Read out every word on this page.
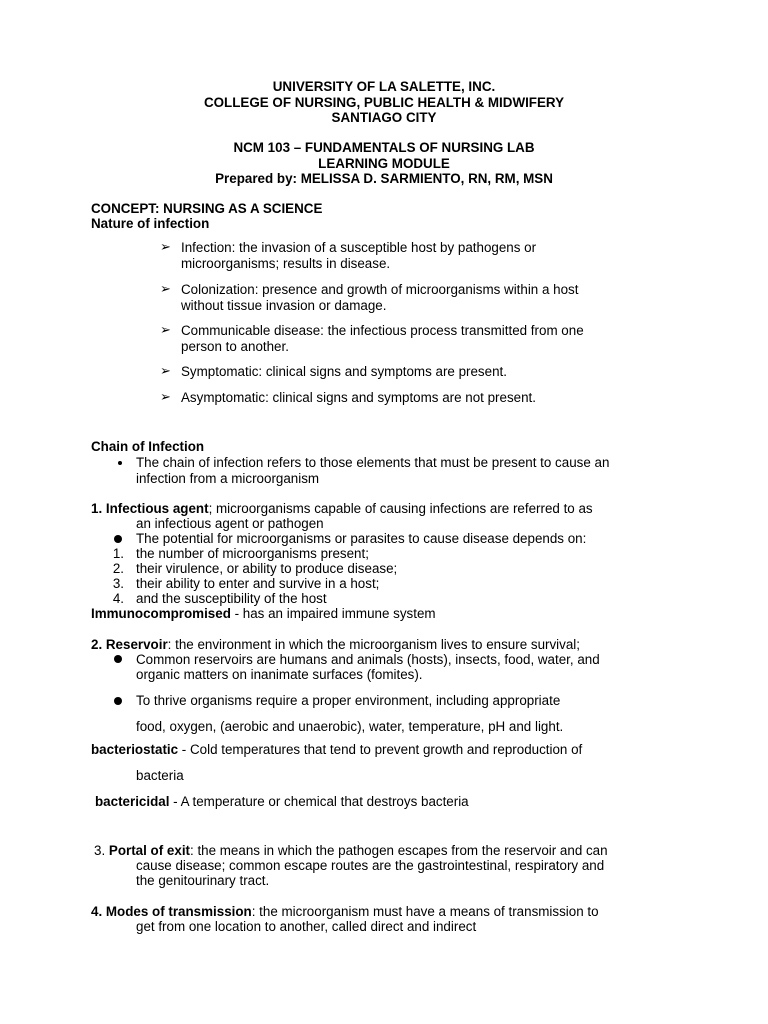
UNIVERSITY OF LA SALETTE, INC.
COLLEGE OF NURSING, PUBLIC HEALTH & MIDWIFERY
SANTIAGO CITY
NCM 103 – FUNDAMENTALS OF NURSING LAB
LEARNING MODULE
Prepared by: MELISSA D. SARMIENTO, RN, RM, MSN
CONCEPT: NURSING AS A SCIENCE
Nature of infection
➢ Infection: the invasion of a susceptible host by pathogens or
microorganisms; results in disease.
➢ Colonization: presence and growth of microorganisms within a host
without tissue invasion or damage.
➢ Communicable disease: the infectious process transmitted from one
person to another.
➢ Symptomatic: clinical signs and symptoms are present.
➢ Asymptomatic: clinical signs and symptoms are not present.
Chain of Infection
The chain of infection refers to those elements that must be present to cause an
infection from a microorganism
1. Infectious agent; microorganisms capable of causing infections are referred to as
an infectious agent or pathogen
The potential for microorganisms or parasites to cause disease depends on:
1. the number of microorganisms present;
2. their virulence, or ability to produce disease;
3. their ability to enter and survive in a host;
4. and the susceptibility of the host
Immunocompromised - has an impaired immune system
2. Reservoir: the environment in which the microorganism lives to ensure survival;
Common reservoirs are humans and animals (hosts), insects, food, water, and
organic matters on inanimate surfaces (fomites).
To thrive organisms require a proper environment, including appropriate
food, oxygen, (aerobic and unaerobic), water, temperature, pH and light.
bacteriostatic - Cold temperatures that tend to prevent growth and reproduction of
bacteria
bactericidal - A temperature or chemical that destroys bacteria
3. Portal of exit: the means in which the pathogen escapes from the reservoir and can
cause disease; common escape routes are the gastrointestinal, respiratory and
the genitourinary tract.
4. Modes of transmission: the microorganism must have a means of transmission to
get from one location to another, called direct and indirect
